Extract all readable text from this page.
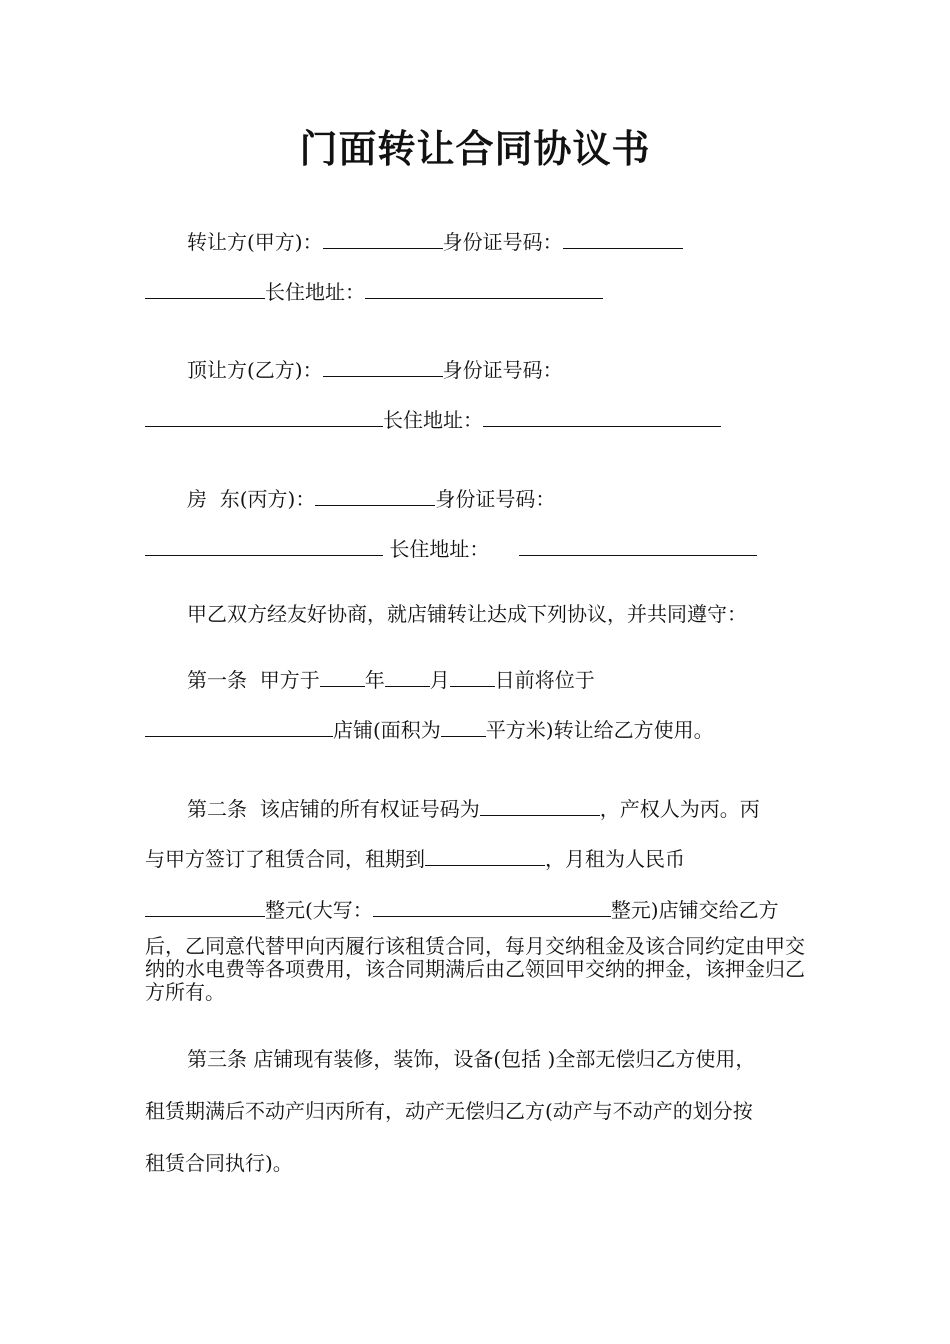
门面转让合同协议书
转让方(甲方)：	身份证号码：
长住地址：
顶让方(乙方)：	身份证号码：
长住地址：
房  东(丙方)：	身份证号码：
长住地址：
甲乙双方经友好协商，就店铺转让达成下列协议，并共同遵守：
第一条  甲方于 年 月 日前将位于
店铺(面积为 平方米)转让给乙方使用。
第二条  该店铺的所有权证号码为	，产权人为丙。丙
与甲方签订了租赁合同，租期到	，月租为人民币
整元(大写：	整元)店铺交给乙方
后，乙同意代替甲向丙履行该租赁合同，每月交纳租金及该合同约定由甲交纳的水电费等各项费用，该合同期满后由乙领回甲交纳的押金，该押金归乙方所有。
第三条 店铺现有装修，装饰，设备(包括 )全部无偿归乙方使用，
租赁期满后不动产归丙所有，动产无偿归乙方(动产与不动产的划分按
租赁合同执行)。
